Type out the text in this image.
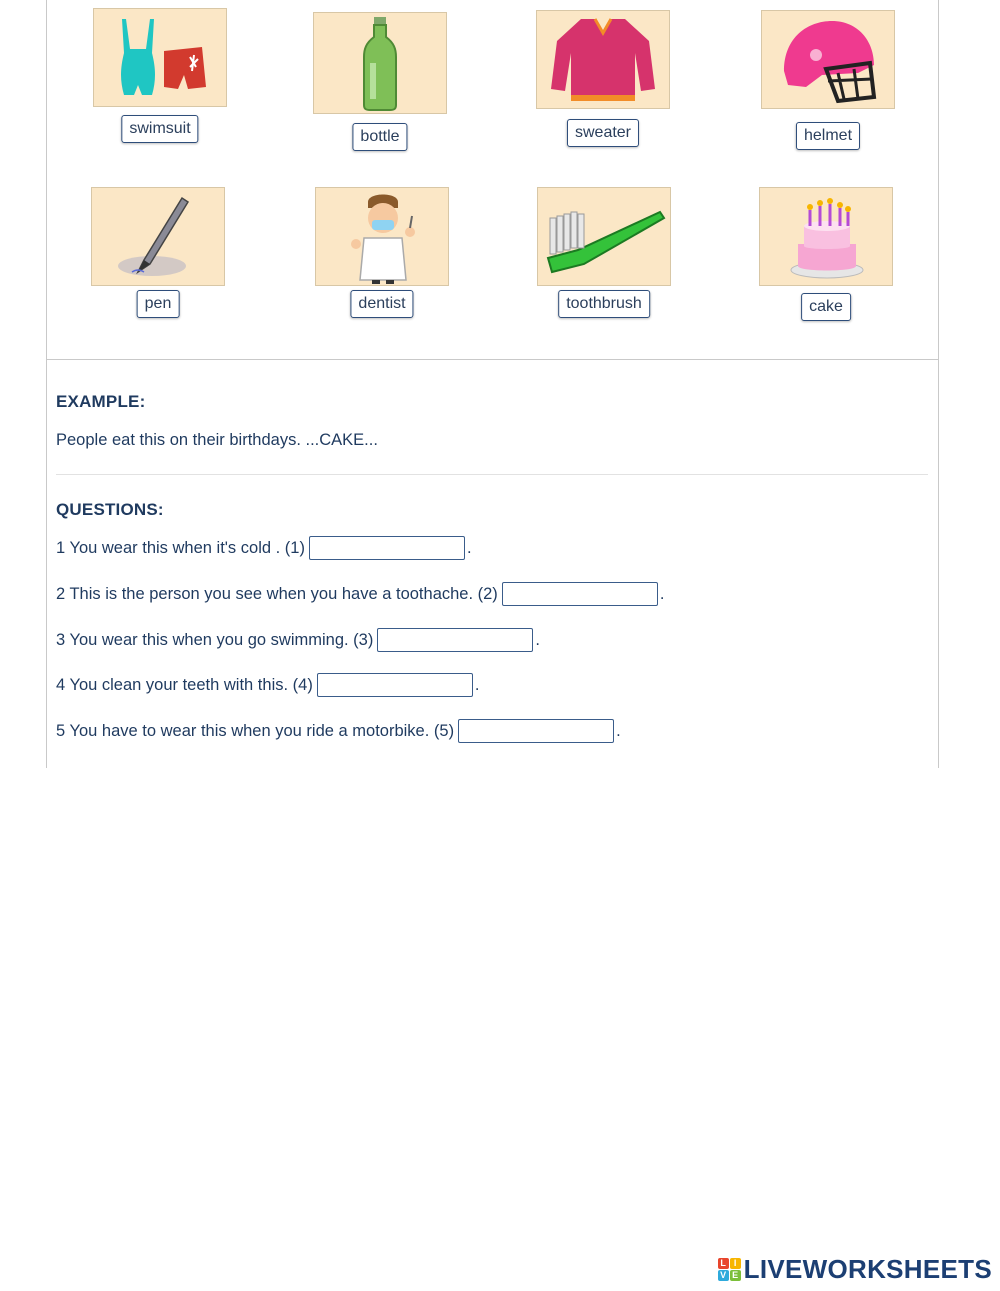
swimsuit	bottle	sweater	helmet
pen	dentist	toothbrush	cake
EXAMPLE:
People eat this on their birthdays. ...CAKE...
QUESTIONS:
1 You wear this when it's cold . (1)	.
2 This is the person you see when you have a toothache. (2)	.
3 You wear this when you go swimming. (3)	.
4 You clean your teeth with this. (4)	.
5 You have to wear this when you ride a motorbike. (5)	.
L I
V E LIVEWORKSHEETS
